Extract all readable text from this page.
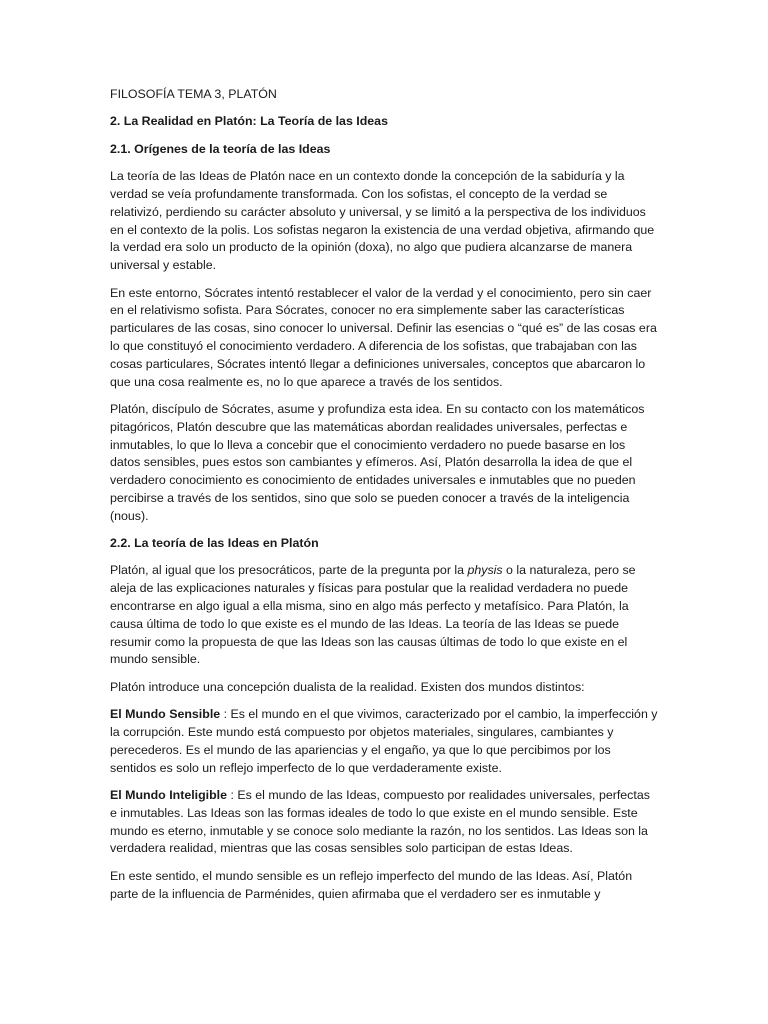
FILOSOFÍA TEMA 3, PLATÓN

2. La Realidad en Platón: La Teoría de las Ideas

2.1. Orígenes de la teoría de las Ideas

La teoría de las Ideas de Platón nace en un contexto donde la concepción de la sabiduría y la verdad se veía profundamente transformada. Con los sofistas, el concepto de la verdad se relativizó, perdiendo su carácter absoluto y universal, y se limitó a la perspectiva de los individuos en el contexto de la polis. Los sofistas negaron la existencia de una verdad objetiva, afirmando que la verdad era solo un producto de la opinión (doxa), no algo que pudiera alcanzarse de manera universal y estable.

En este entorno, Sócrates intentó restablecer el valor de la verdad y el conocimiento, pero sin caer en el relativismo sofista. Para Sócrates, conocer no era simplemente saber las características particulares de las cosas, sino conocer lo universal. Definir las esencias o “qué es” de las cosas era lo que constituyó el conocimiento verdadero. A diferencia de los sofistas, que trabajaban con las cosas particulares, Sócrates intentó llegar a definiciones universales, conceptos que abarcaron lo que una cosa realmente es, no lo que aparece a través de los sentidos.

Platón, discípulo de Sócrates, asume y profundiza esta idea. En su contacto con los matemáticos pitagóricos, Platón descubre que las matemáticas abordan realidades universales, perfectas e inmutables, lo que lo lleva a concebir que el conocimiento verdadero no puede basarse en los datos sensibles, pues estos son cambiantes y efímeros. Así, Platón desarrolla la idea de que el verdadero conocimiento es conocimiento de entidades universales e inmutables que no pueden percibirse a través de los sentidos, sino que solo se pueden conocer a través de la inteligencia (nous).

2.2. La teoría de las Ideas en Platón

Platón, al igual que los presocráticos, parte de la pregunta por la physis o la naturaleza, pero se aleja de las explicaciones naturales y físicas para postular que la realidad verdadera no puede encontrarse en algo igual a ella misma, sino en algo más perfecto y metafísico. Para Platón, la causa última de todo lo que existe es el mundo de las Ideas. La teoría de las Ideas se puede resumir como la propuesta de que las Ideas son las causas últimas de todo lo que existe en el mundo sensible.

Platón introduce una concepción dualista de la realidad. Existen dos mundos distintos:

El Mundo Sensible : Es el mundo en el que vivimos, caracterizado por el cambio, la imperfección y la corrupción. Este mundo está compuesto por objetos materiales, singulares, cambiantes y perecederos. Es el mundo de las apariencias y el engaño, ya que lo que percibimos por los sentidos es solo un reflejo imperfecto de lo que verdaderamente existe.

El Mundo Inteligible : Es el mundo de las Ideas, compuesto por realidades universales, perfectas e inmutables. Las Ideas son las formas ideales de todo lo que existe en el mundo sensible. Este mundo es eterno, inmutable y se conoce solo mediante la razón, no los sentidos. Las Ideas son la verdadera realidad, mientras que las cosas sensibles solo participan de estas Ideas.

En este sentido, el mundo sensible es un reflejo imperfecto del mundo de las Ideas. Así, Platón parte de la influencia de Parménides, quien afirmaba que el verdadero ser es inmutable y
